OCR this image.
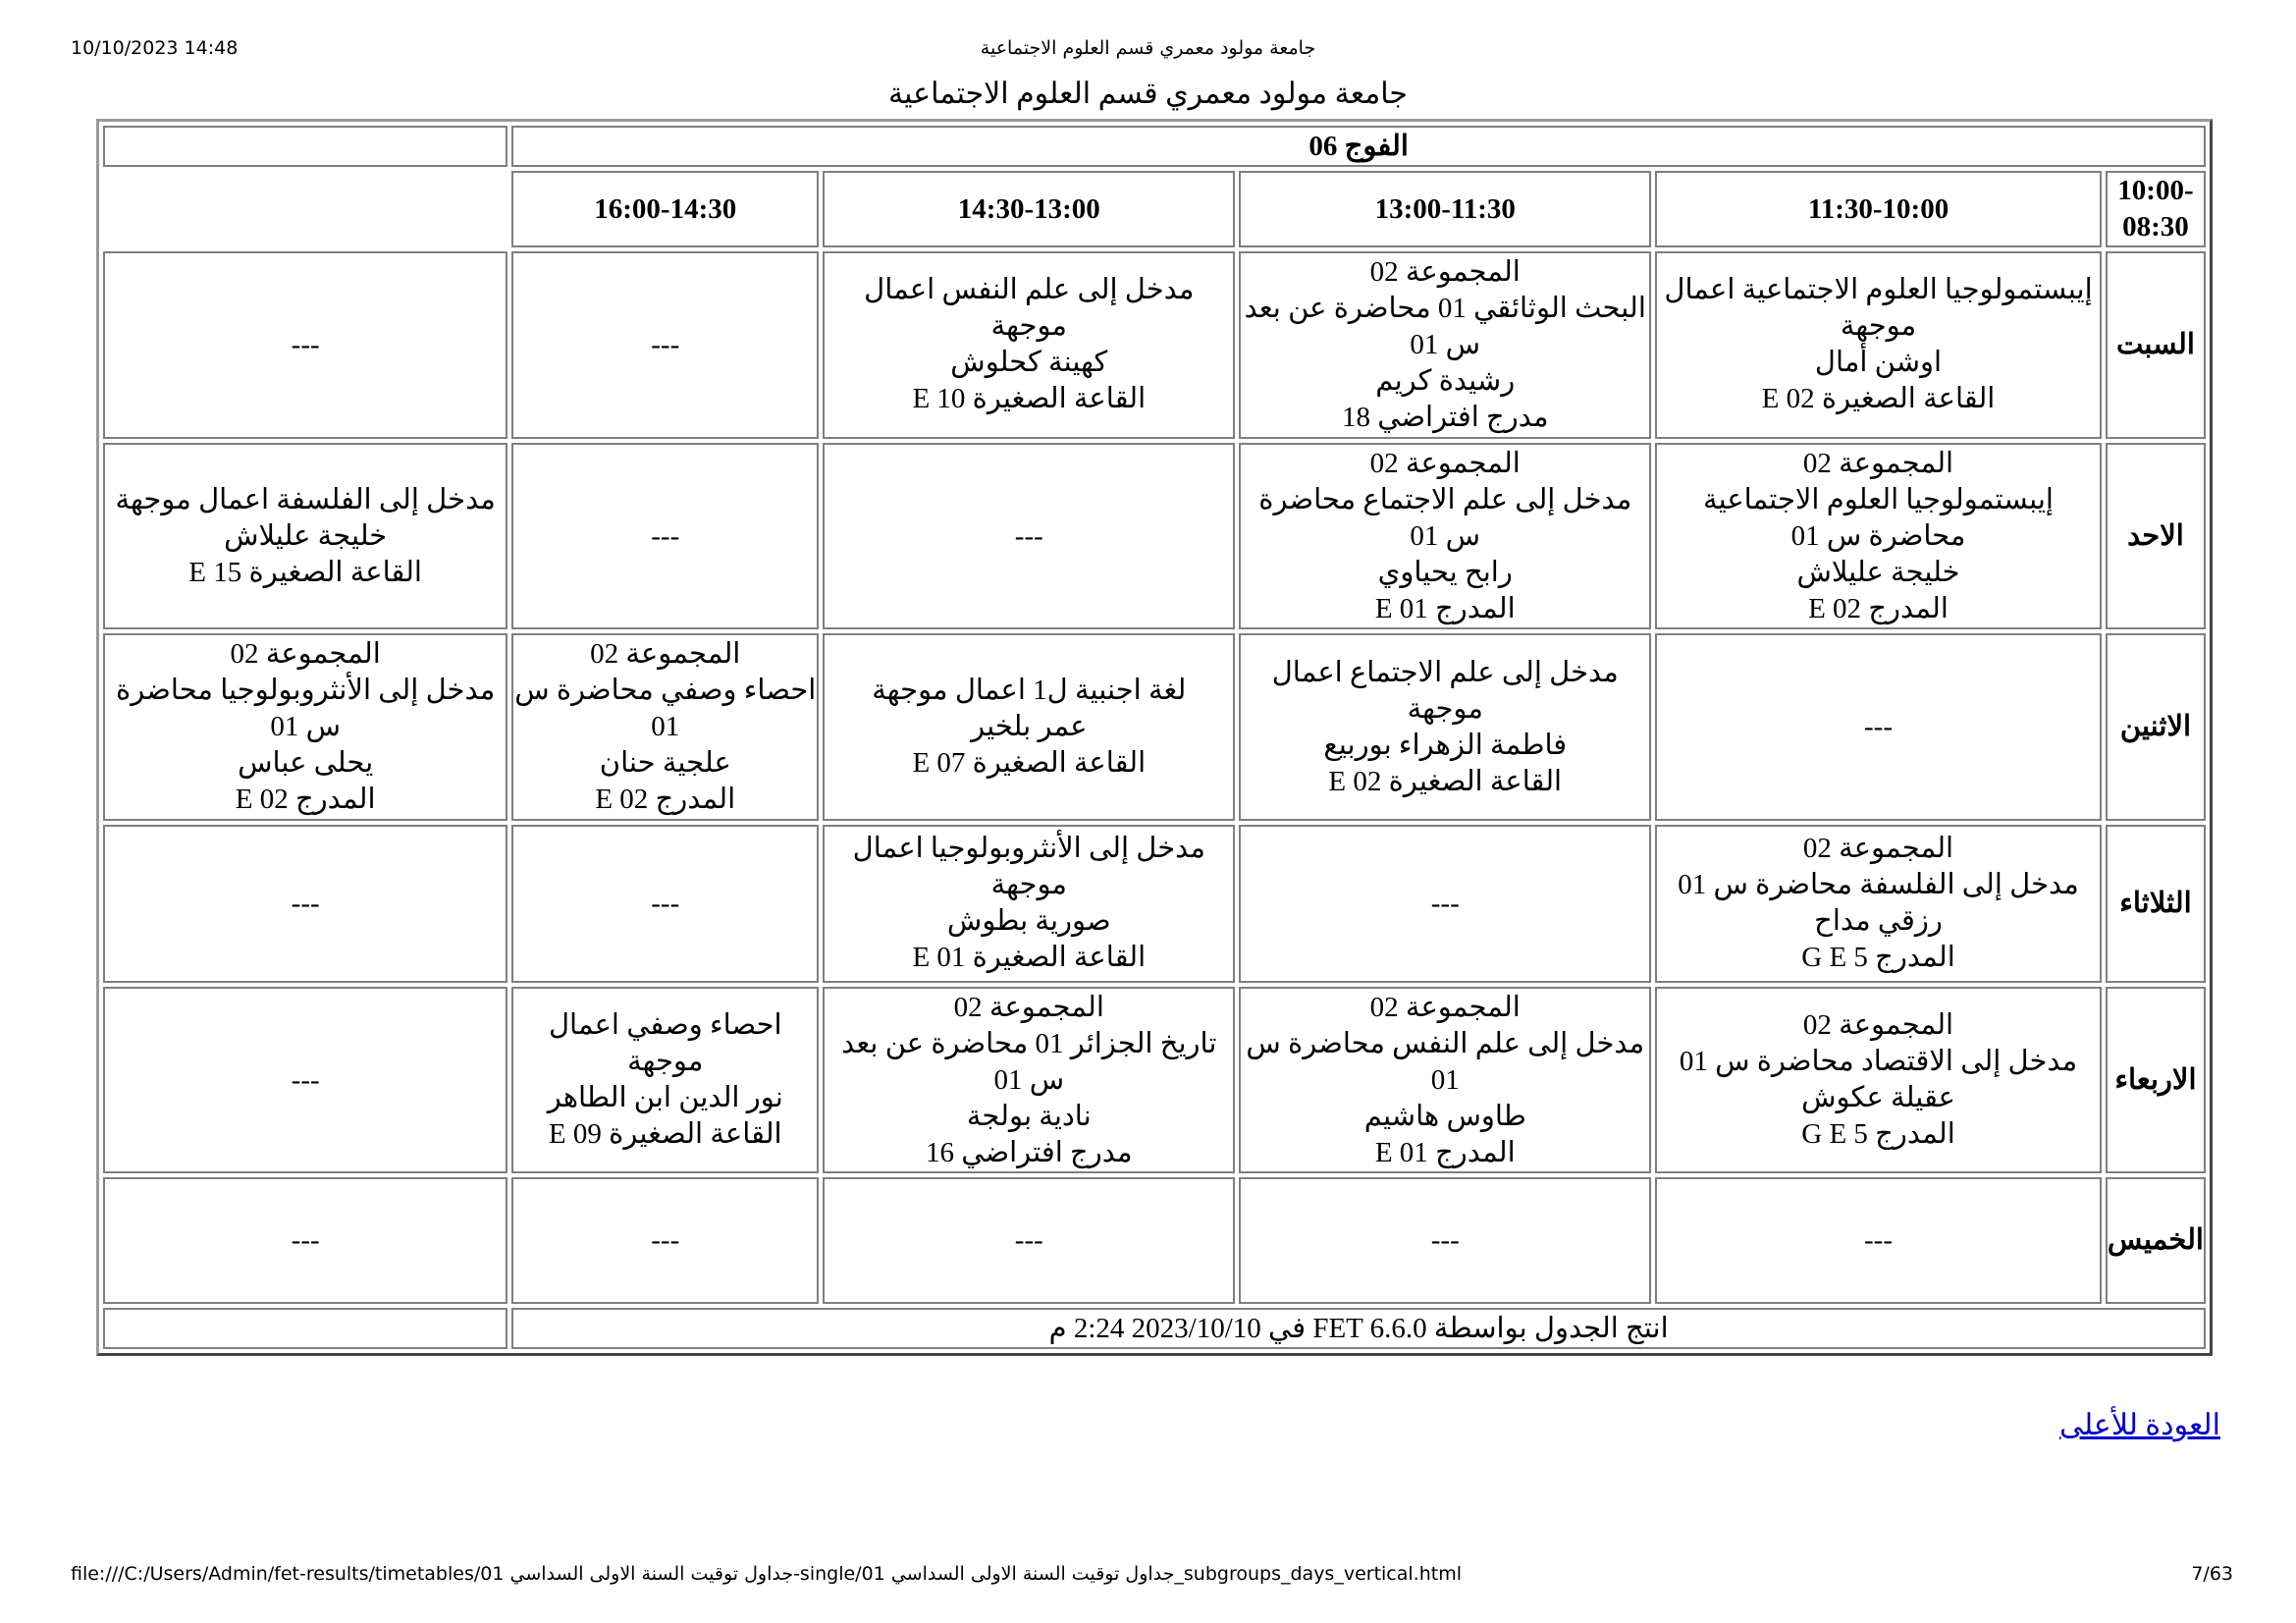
10/10/2023 14:48	جامعة مولود معمري قسم العلوم الاجتماعية
جامعة مولود معمري قسم العلوم الاجتماعية
الفوج 06					
10:00-08:30	11:30-10:00	13:00-11:30	14:30-13:00	16:00-14:30	
السبت	إيبستمولوجيا العلوم الاجتماعية اعمال موجهة
اوشن أمال
القاعة الصغيرة E 02	المجموعة 02
البحث الوثائقي 01 محاضرة عن بعد س 01
رشيدة كريم
مدرج افتراضي 18	مدخل إلى علم النفس اعمال موجهة
كهينة كحلوش
القاعة الصغيرة E 10	---	---

الاحد	المجموعة 02
إيبستمولوجيا العلوم الاجتماعية محاضرة س 01
خليجة عليلاش
المدرج E 02	المجموعة 02
مدخل إلى علم الاجتماع محاضرة س 01
رابح يحياوي
المدرج E 01	---	---	مدخل إلى الفلسفة اعمال موجهة
خليجة عليلاش
القاعة الصغيرة E 15

الاثنين	---	مدخل إلى علم الاجتماع اعمال موجهة
فاطمة الزهراء بوربيع
القاعة الصغيرة E 02	لغة اجنبية ل1 اعمال موجهة
عمر بلخير
القاعة الصغيرة E 07	المجموعة 02
احصاء وصفي محاضرة س 01
علجية حنان
المدرج E 02	المجموعة 02
مدخل إلى الأنثروبولوجيا محاضرة س 01
يحلى عباس
المدرج E 02

الثلاثاء	المجموعة 02
مدخل إلى الفلسفة محاضرة س 01
رزقي مداح
المدرج G E 5	---	مدخل إلى الأنثروبولوجيا اعمال موجهة
صورية بطوش
القاعة الصغيرة E 01	---	---

الاربعاء	المجموعة 02
مدخل إلى الاقتصاد محاضرة س 01
عقيلة عكوش
المدرج G E 5	المجموعة 02
مدخل إلى علم النفس محاضرة س 01
طاوس هاشيم
المدرج E 01	المجموعة 02
تاريخ الجزائر 01 محاضرة عن بعد س 01
نادية بولجة
مدرج افتراضي 16	احصاء وصفي اعمال موجهة
نور الدين ابن الطاهر
القاعة الصغيرة E 09	---

الخميس	---	---	---	---	---

انتج الجدول بواسطة FET 6.6.0 في 2023/10/10 2:24 م					
العودة للأعلى
file:///C:/Users/Admin/fet-results/timetables/01 جداول توقيت السنة الاولى السداسي-single/01 جداول توقيت السنة الاولى السداسي_subgroups_days_vertical.html	7/63
